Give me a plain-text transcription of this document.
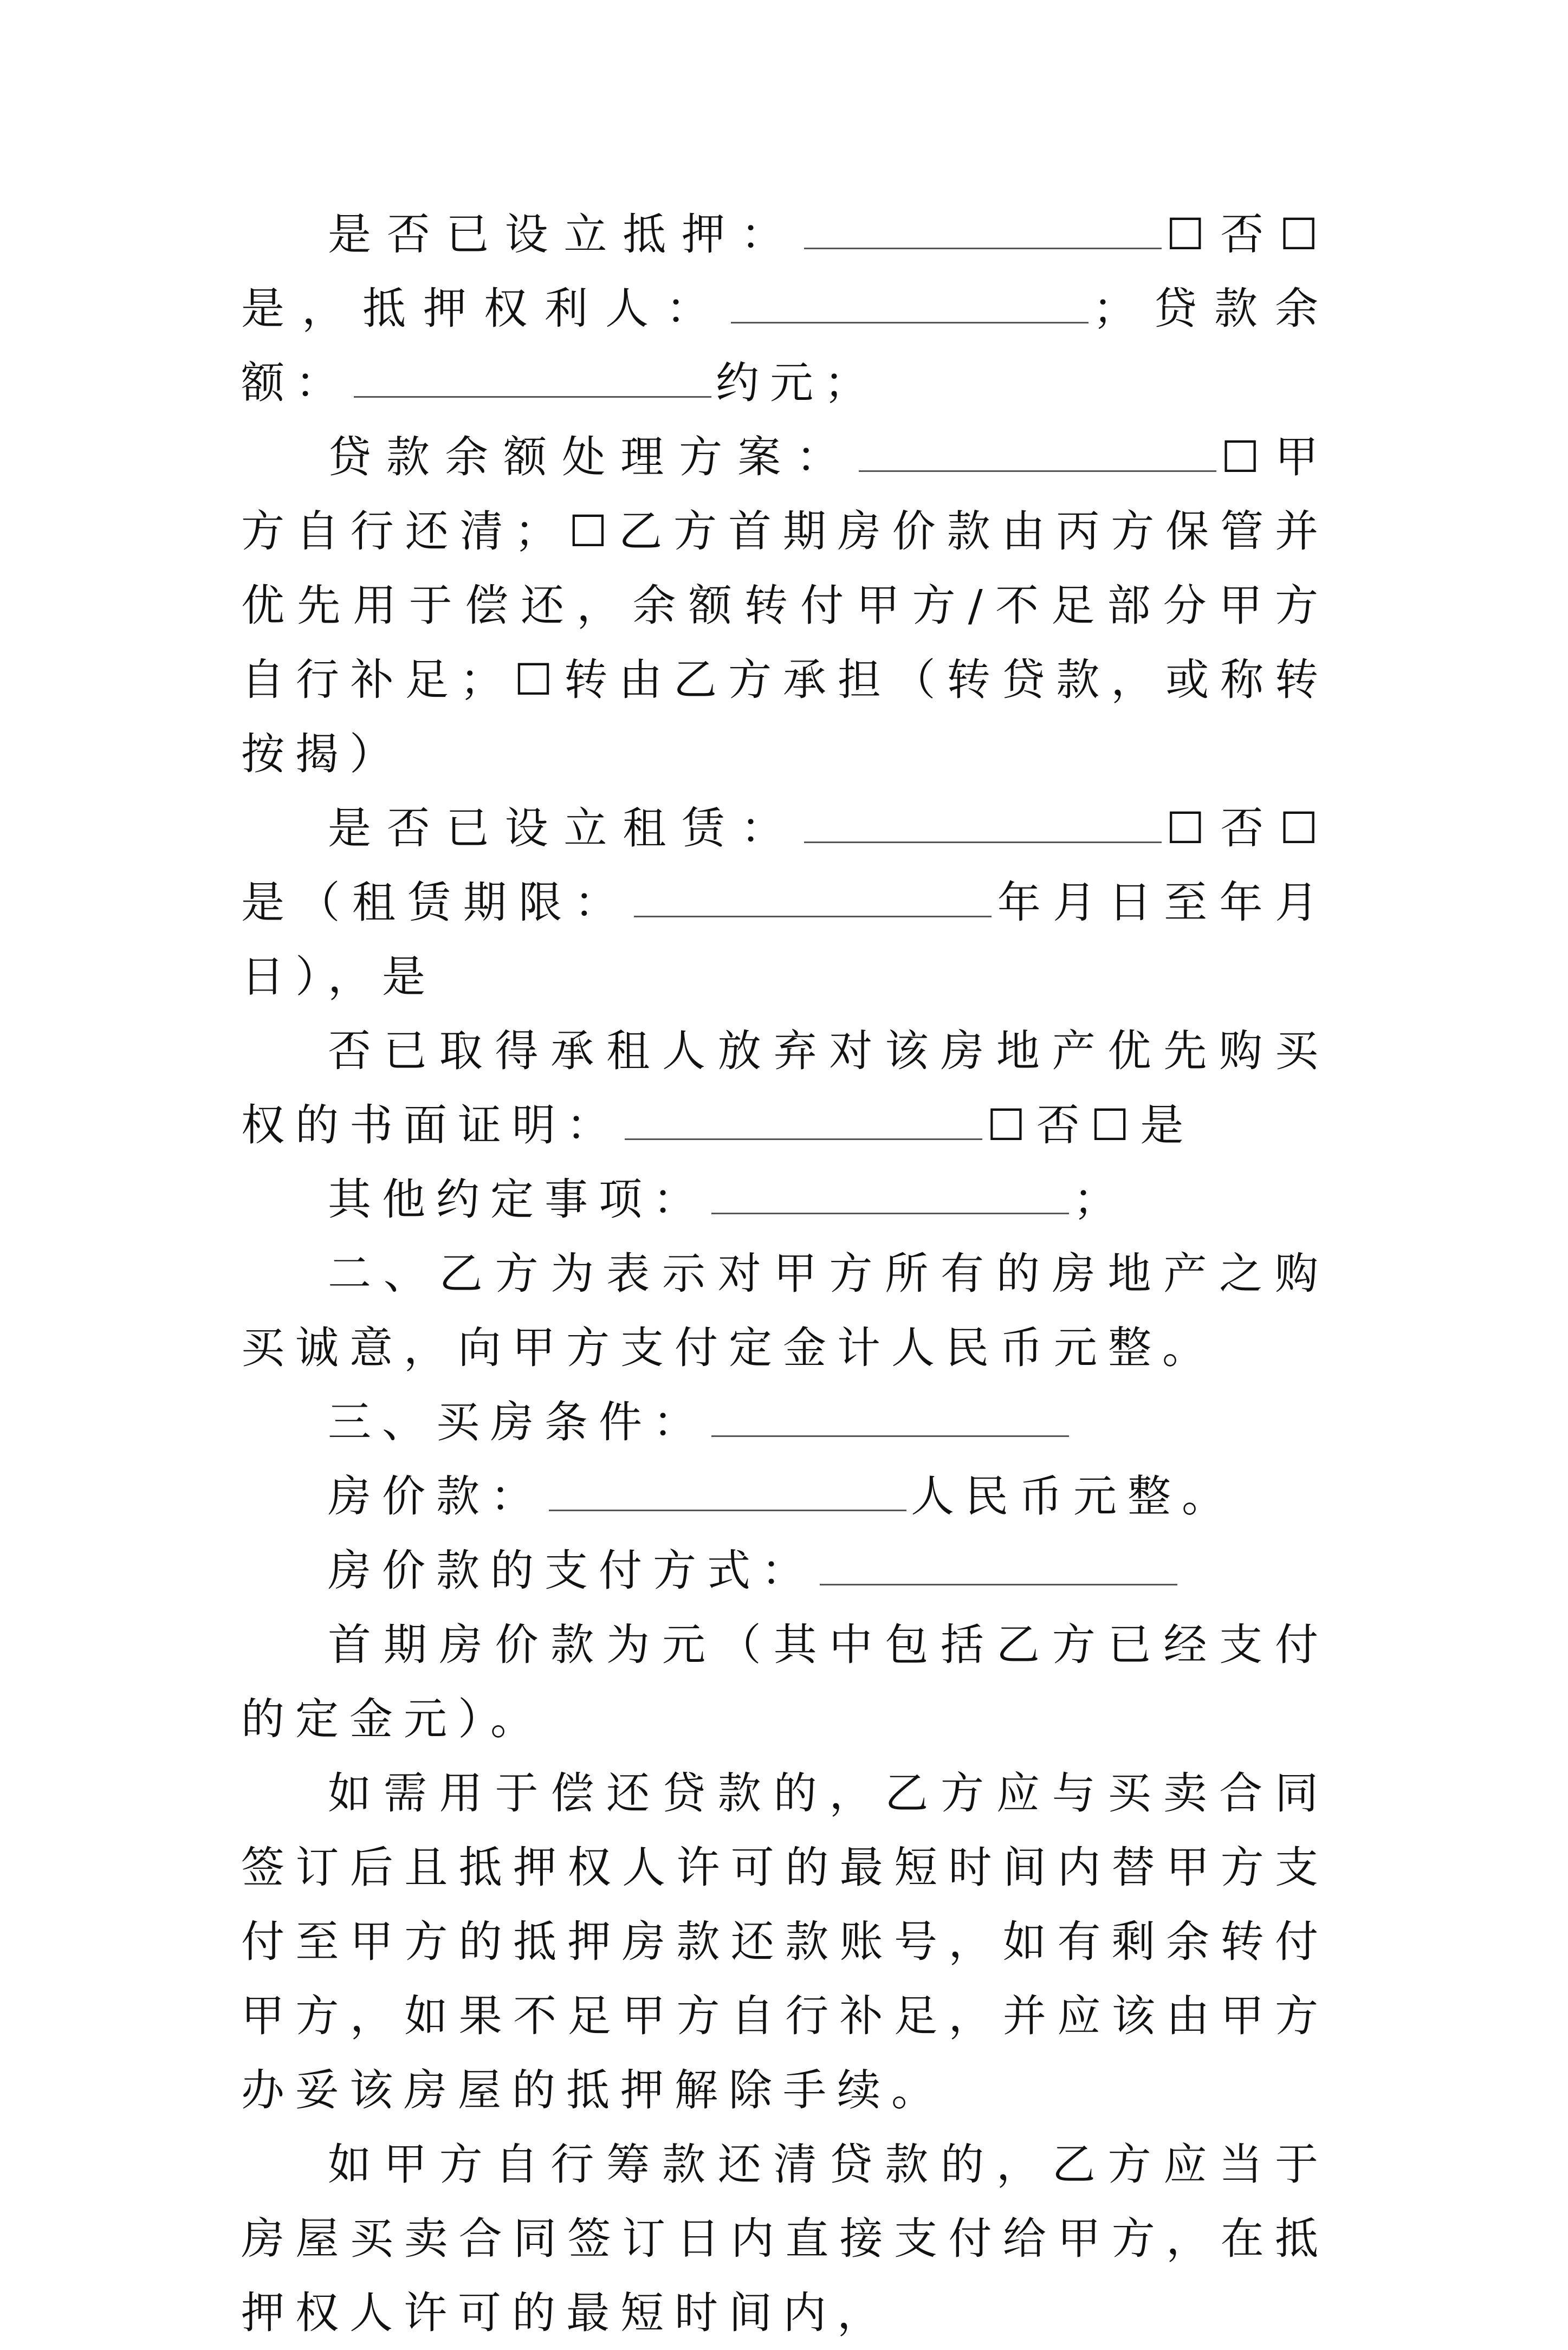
是否已设立抵押：	☐否☐是，抵押权利人：	；贷款余额：	约元；

贷款余额处理方案：	☐甲方自行还清；☐乙方首期房价款由丙方保管并优先用于偿还，余额转付甲方/不足部分甲方自行补足；☐转由乙方承担（转贷款，或称转按揭）

是否已设立租赁：	☐否☐是（租赁期限：	年月日至年月日），是

否已取得承租人放弃对该房地产优先购买权的书面证明：	☐否☐是

其他约定事项：	；

二、乙方为表示对甲方所有的房地产之购买诚意，向甲方支付定金计人民币元整。

三、买房条件：

房价款：	人民币元整。

房价款的支付方式：

首期房价款为元（其中包括乙方已经支付的定金元）。

如需用于偿还贷款的，乙方应与买卖合同签订后且抵押权人许可的最短时间内替甲方支付至甲方的抵押房款还款账号，如有剩余转付甲方，如果不足甲方自行补足，并应该由甲方办妥该房屋的抵押解除手续。

如甲方自行筹款还清贷款的，乙方应当于房屋买卖合同签订日内直接支付给甲方，在抵押权人许可的最短时间内，
